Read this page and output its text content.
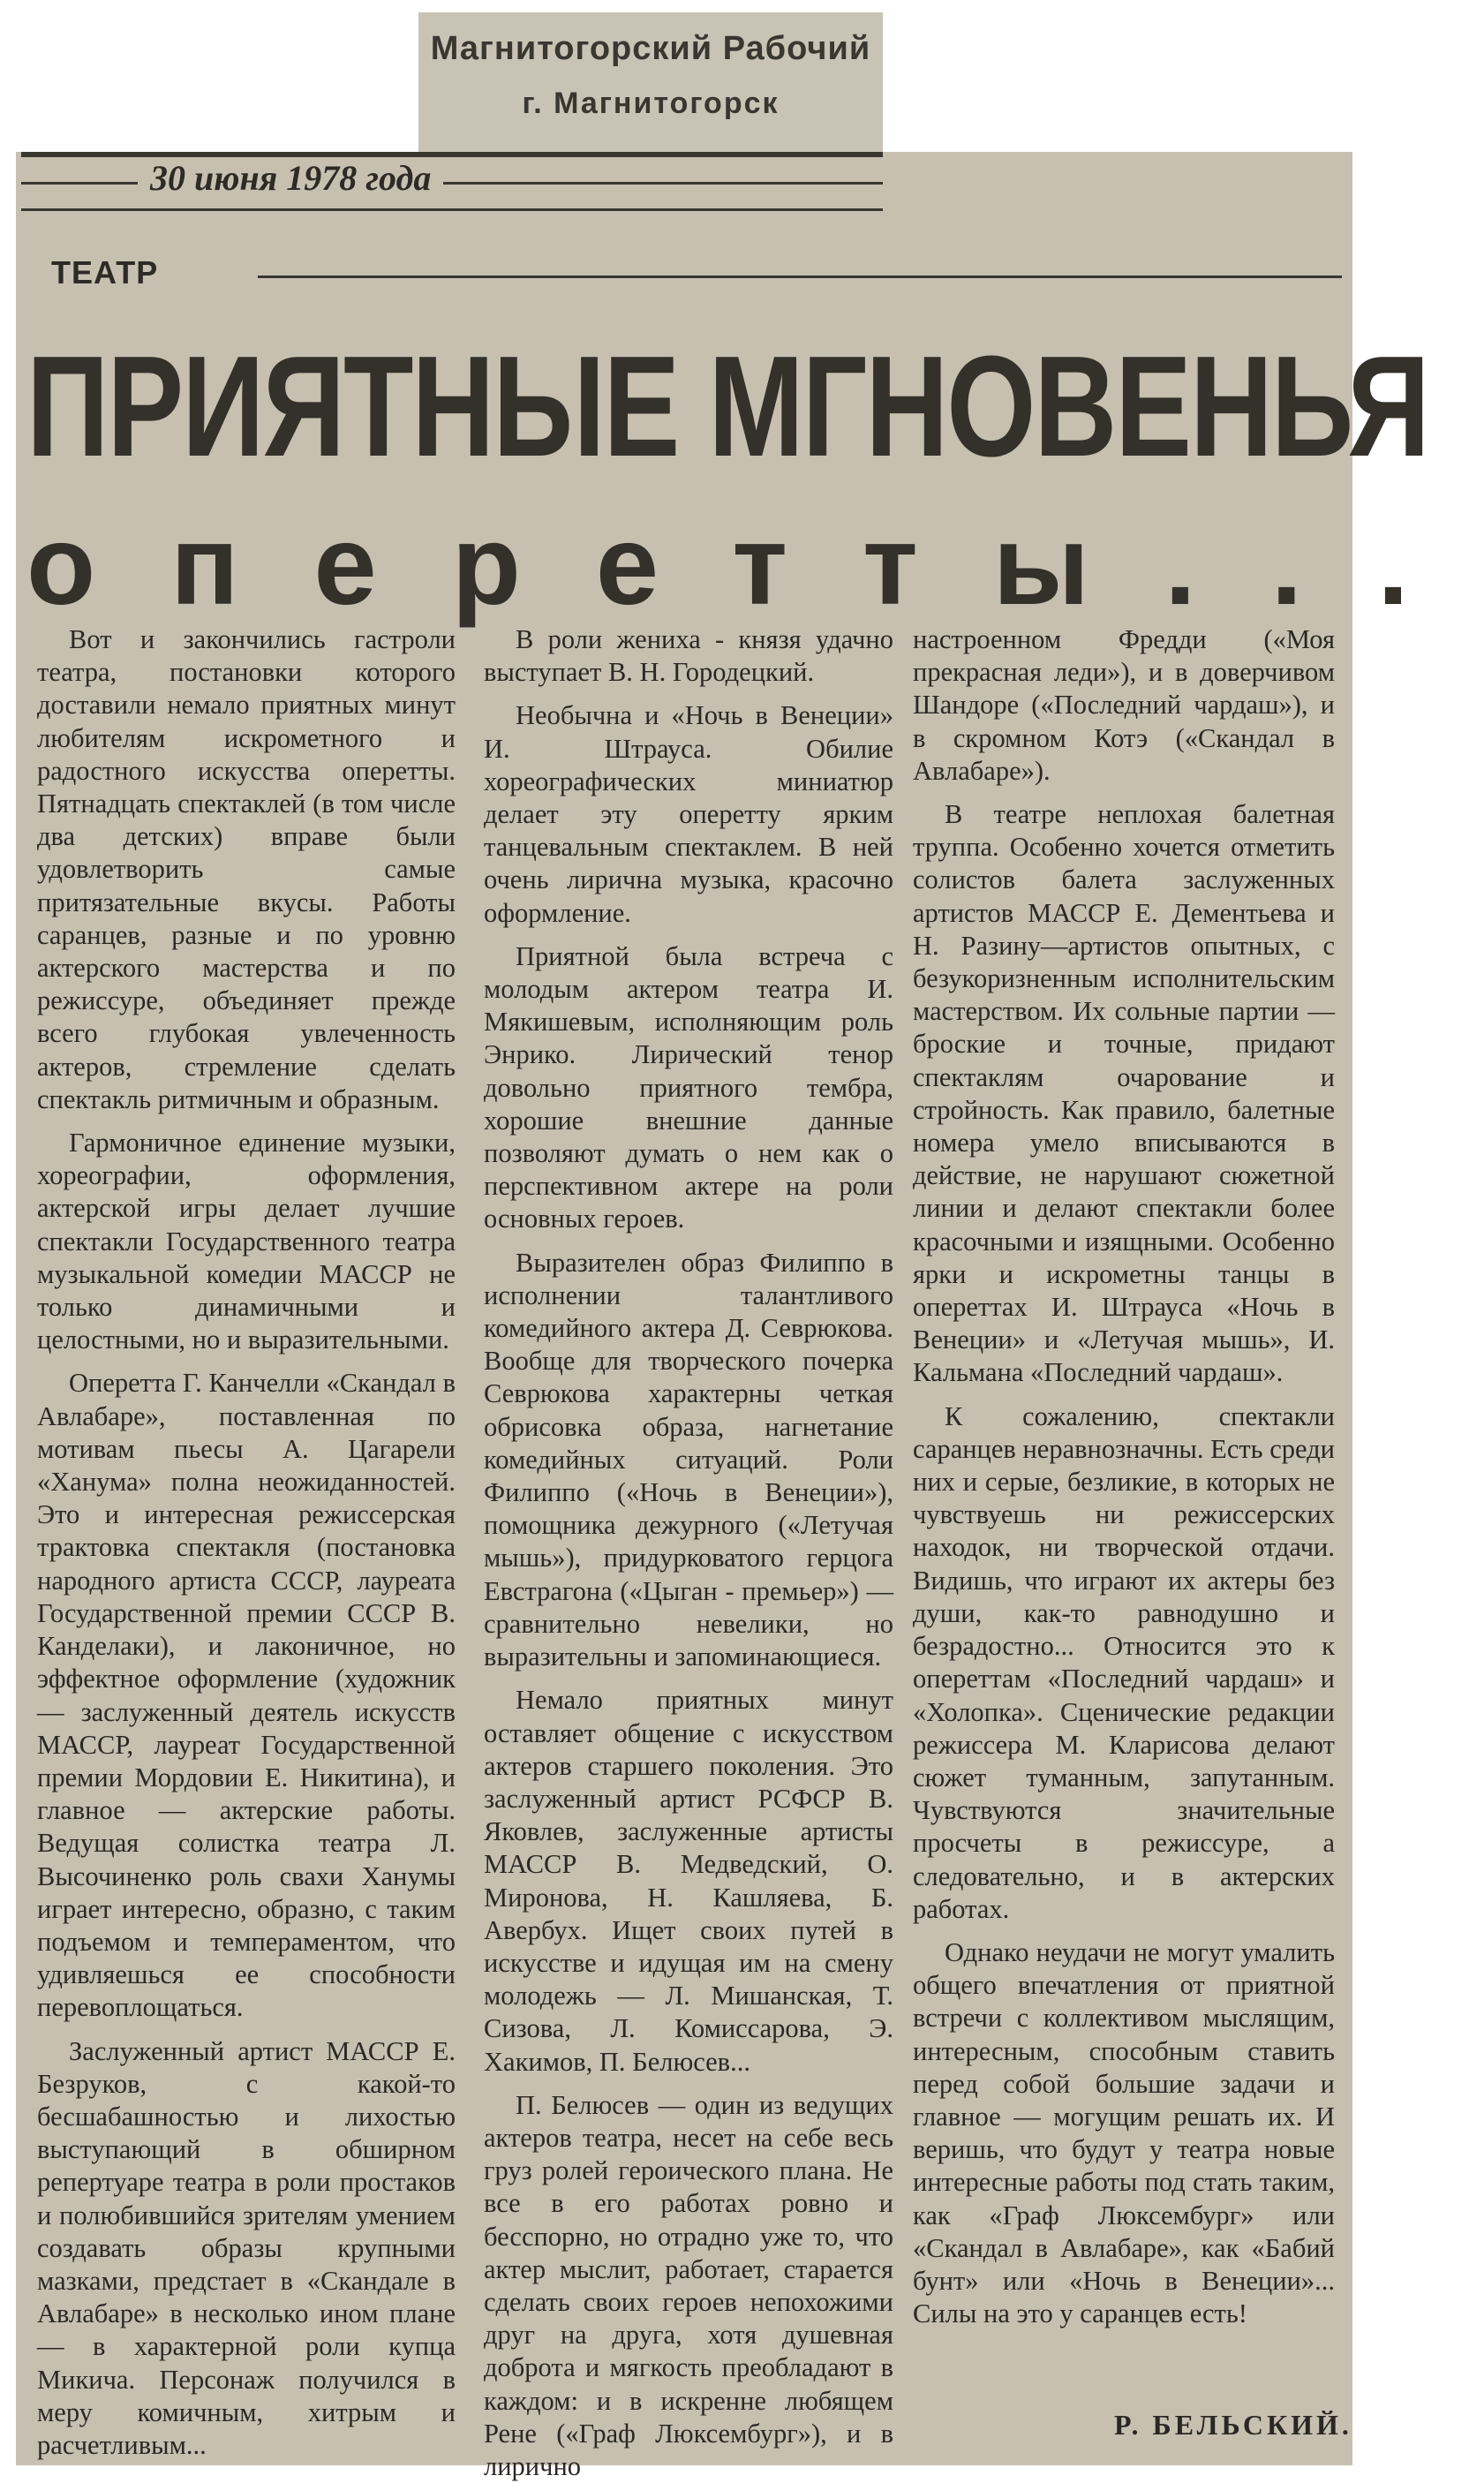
Магнитогорский Рабочий
г. Магнитогорск
30 июня 1978 года
ТЕАТР
ПРИЯТНЫЕ МГНОВЕНЬЯ
оперетты...

Вот и закончились гастроли театра, постановки которого доставили немало приятных минут любителям искрометного и радостного искусства оперетты. Пятнадцать спектаклей (в том числе два детских) вправе были удовлетворить самые притязательные вкусы. Работы саранцев, разные и по уровню актерского мастерства и по режиссуре, объединяет прежде всего глубокая увлеченность актеров, стремление сделать спектакль ритмичным и образным.

Гармоничное единение музыки, хореографии, оформления, актерской игры делает лучшие спектакли Государственного театра музыкальной комедии МАССР не только динамичными и целостными, но и выразительными.

Оперетта Г. Канчелли «Скандал в Авлабаре», поставленная по мотивам пьесы А. Цагарели «Ханума» полна неожиданностей. Это и интересная режиссерская трактовка спектакля (постановка народного артиста СССР, лауреата Государственной премии СССР В. Канделаки), и лаконичное, но эффектное оформление (художник — заслуженный деятель искусств МАССР, лауреат Государственной премии Мордовии Е. Никитина), и главное — актерские работы. Ведущая солистка театра Л. Высочиненко роль свахи Ханумы играет интересно, образно, с таким подъемом и темпераментом, что удивляешься ее способности перевоплощаться.

Заслуженный артист МАССР Е. Безруков, с какой-то бесшабашностью и лихостью выступающий в обширном репертуаре театра в роли простаков и полюбившийся зрителям умением создавать образы крупными мазками, предстает в «Скандале в Авлабаре» в несколько ином плане — в характерной роли купца Микича. Персонаж получился в меру комичным, хитрым и расчетливым...

В роли жениха - князя удачно выступает В. Н. Городецкий.

Необычна и «Ночь в Венеции» И. Штрауса. Обилие хореографических миниатюр делает эту оперетту ярким танцевальным спектаклем. В ней очень лирична музыка, красочно оформление.

Приятной была встреча с молодым актером театра И. Мякишевым, исполняющим роль Энрико. Лирический тенор довольно приятного тембра, хорошие внешние данные позволяют думать о нем как о перспективном актере на роли основных героев.

Выразителен образ Филиппо в исполнении талантливого комедийного актера Д. Севрюкова. Вообще для творческого почерка Севрюкова характерны четкая обрисовка образа, нагнетание комедийных ситуаций. Роли Филиппо («Ночь в Венеции»), помощника дежурного («Летучая мышь»), придурковатого герцога Евстрагона («Цыган - премьер») — сравнительно невелики, но выразительны и запоминающиеся.

Немало приятных минут оставляет общение с искусством актеров старшего поколения. Это заслуженный артист РСФСР В. Яковлев, заслуженные артисты МАССР В. Медведский, О. Миронова, Н. Кашляева, Б. Авербух. Ищет своих путей в искусстве и идущая им на смену молодежь — Л. Мишанская, Т. Сизова, Л. Комиссарова, Э. Хакимов, П. Белюсев...

П. Белюсев — один из ведущих актеров театра, несет на себе весь груз ролей героического плана. Не все в его работах ровно и бесспорно, но отрадно уже то, что актер мыслит, работает, старается сделать своих героев непохожими друг на друга, хотя душевная доброта и мягкость преобладают в каждом: и в искренне любящем Рене («Граф Люксембург»), и в лирично

настроенном Фредди («Моя прекрасная леди»), и в доверчивом Шандоре («Последний чардаш»), и в скромном Котэ («Скандал в Авлабаре»).

В театре неплохая балетная труппа. Особенно хочется отметить солистов балета заслуженных артистов МАССР Е. Дементьева и Н. Разину—артистов опытных, с безукоризненным исполнительским мастерством. Их сольные партии — броские и точные, придают спектаклям очарование и стройность. Как правило, балетные номера умело вписываются в действие, не нарушают сюжетной линии и делают спектакли более красочными и изящными. Особенно ярки и искрометны танцы в опереттах И. Штрауса «Ночь в Венеции» и «Летучая мышь», И. Кальмана «Последний чардаш».

К сожалению, спектакли саранцев неравнозначны. Есть среди них и серые, безликие, в которых не чувствуешь ни режиссерских находок, ни творческой отдачи. Видишь, что играют их актеры без души, как-то равнодушно и безрадостно... Относится это к опереттам «Последний чардаш» и «Холопка». Сценические редакции режиссера М. Кларисова делают сюжет туманным, запутанным. Чувствуются значительные просчеты в режиссуре, а следовательно, и в актерских работах.

Однако неудачи не могут умалить общего впечатления от приятной встречи с коллективом мыслящим, интересным, способным ставить перед собой большие задачи и главное — могущим решать их. И веришь, что будут у театра новые интересные работы под стать таким, как «Граф Люксембург» или «Скандал в Авлабаре», как «Бабий бунт» или «Ночь в Венеции»... Силы на это у саранцев есть!

Р. БЕЛЬСКИЙ.
